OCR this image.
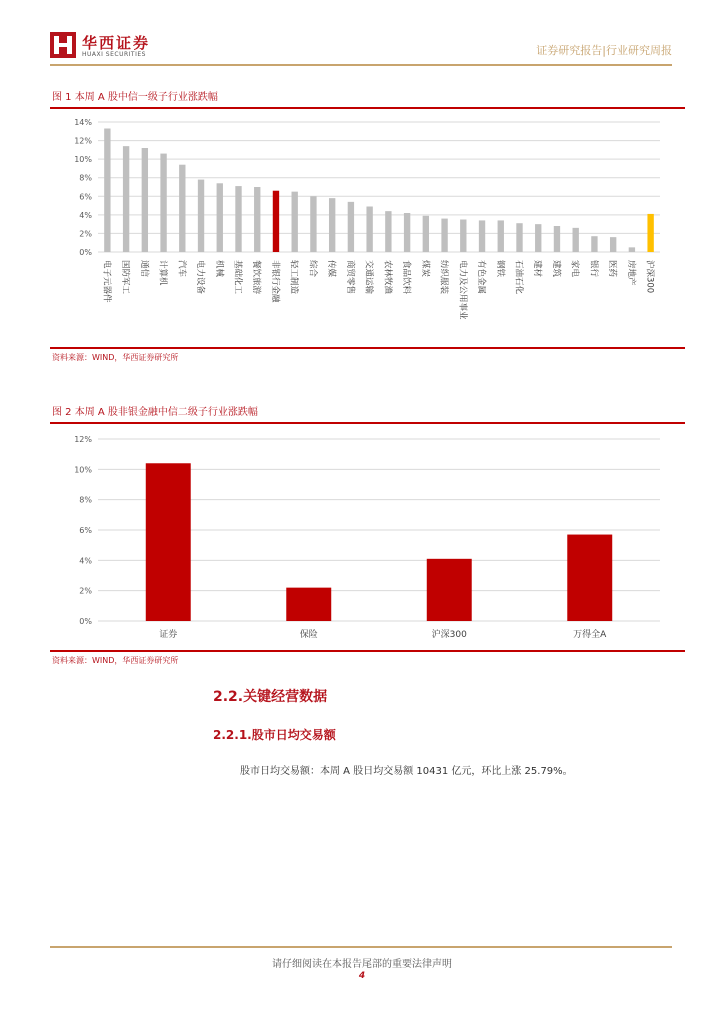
华西证券
HUAXI SECURITIES	证券研究报告|行业研究周报
图 1 本周 A 股中信一级子行业涨跌幅
0%
2%
4%
6%
8%
10%
12%
14%
电子元器件 国防军工 通信 计算机 汽车 电力设备 机械 基础化工 餐饮旅游 非银行金融 轻工制造 综合 传媒 商贸零售 交通运输 农林牧渔 食品饮料 煤炭 纺织服装 电力及公用事业 有色金属 钢铁 石油石化 建材 建筑 家电 银行 医药 房地产 沪深300
资料来源：WIND，华西证券研究所
图 2 本周 A 股非银金融中信二级子行业涨跌幅
0%
2%
4%
6%
8%
10%
12%
证券	保险	沪深300	万得全A
资料来源：WIND，华西证券研究所
2.2.关键经营数据
2.2.1.股市日均交易额
股市日均交易额：本周 A 股日均交易额 10431 亿元，环比上涨 25.79%。
请仔细阅读在本报告尾部的重要法律声明
4
